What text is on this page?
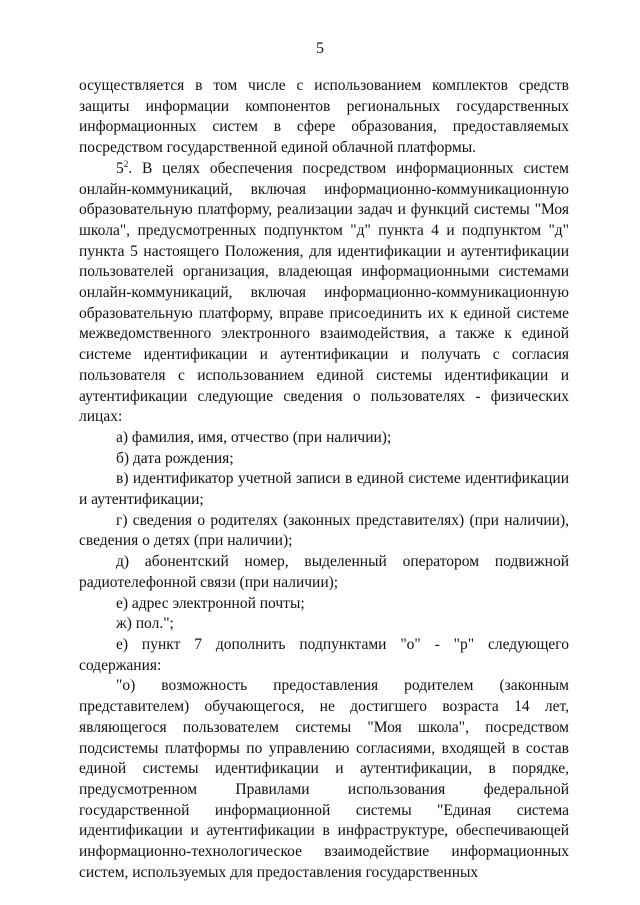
5

осуществляется в том числе с использованием комплектов средств защиты информации компонентов региональных государственных информационных систем в сфере образования, предоставляемых посредством государственной единой облачной платформы.

$5^2$. В целях обеспечения посредством информационных систем онлайн-коммуникаций, включая информационно-коммуникационную образовательную платформу, реализации задач и функций системы "Моя школа", предусмотренных подпунктом "д" пункта 4 и подпунктом "д" пункта 5 настоящего Положения, для идентификации и аутентификации пользователей организация, владеющая информационными системами онлайн-коммуникаций, включая информационно-коммуникационную образовательную платформу, вправе присоединить их к единой системе межведомственного электронного взаимодействия, а также к единой системе идентификации и аутентификации и получать с согласия пользователя с использованием единой системы идентификации и аутентификации следующие сведения о пользователях - физических лицах:

а) фамилия, имя, отчество (при наличии);

б) дата рождения;

в) идентификатор учетной записи в единой системе идентификации и аутентификации;

г) сведения о родителях (законных представителях) (при наличии), сведения о детях (при наличии);

д) абонентский номер, выделенный оператором подвижной радиотелефонной связи (при наличии);

е) адрес электронной почты;

ж) пол.";

е) пункт 7 дополнить подпунктами "о" - "р" следующего содержания:

"о) возможность предоставления родителем (законным представителем) обучающегося, не достигшего возраста 14 лет, являющегося пользователем системы "Моя школа", посредством подсистемы платформы по управлению согласиями, входящей в состав единой системы идентификации и аутентификации, в порядке, предусмотренном Правилами использования федеральной государственной информационной системы "Единая система идентификации и аутентификации в инфраструктуре, обеспечивающей информационно-технологическое взаимодействие информационных систем, используемых для предоставления государственных
